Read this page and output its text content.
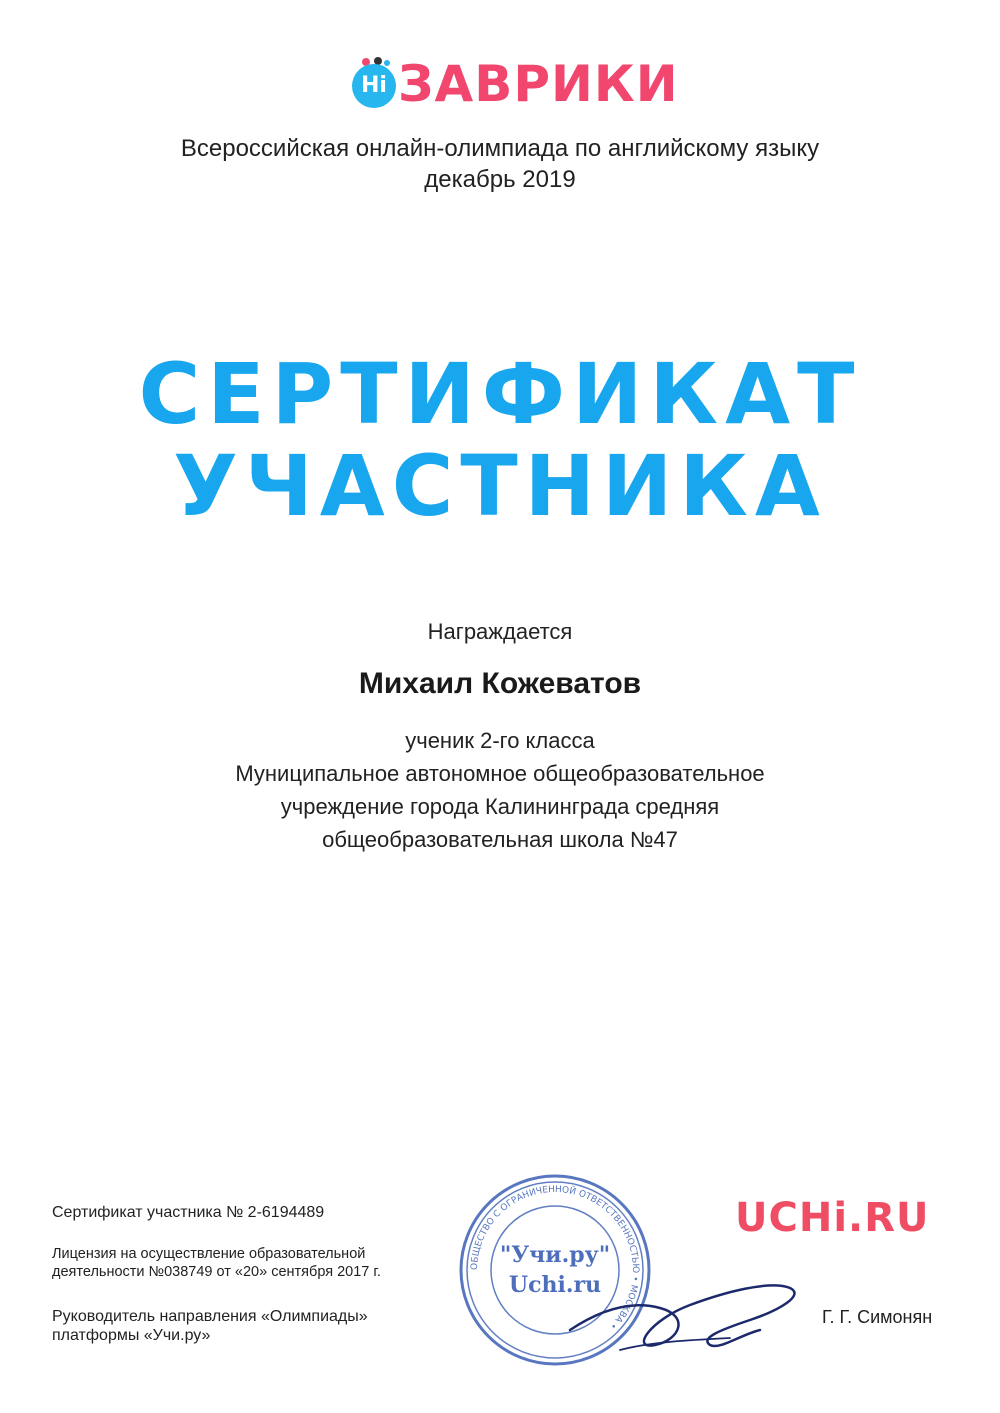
Hi ЗАВРИКИ
Всероссийская онлайн-олимпиада по английскому языку
декабрь 2019
СЕРТИФИКАТ
УЧАСТНИКА
Награждается
Михаил Кожеватов
ученик 2-го класса
Муниципальное автономное общеобразовательное
учреждение города Калининграда средняя
общеобразовательная школа №47
Сертификат участника № 2-6194489
Лицензия на осуществление образовательной
деятельности №038749 от «20» сентября 2017 г.
Руководитель направления «Олимпиады»
платформы «Учи.ру»
ОБЩЕСТВО С ОГРАНИЧЕННОЙ ОТВЕТСТВЕННОСТЬЮ • МОСКВА •
"Учи.ру"
Uchi.ru
UCHi.RU
Г. Г. Симонян
